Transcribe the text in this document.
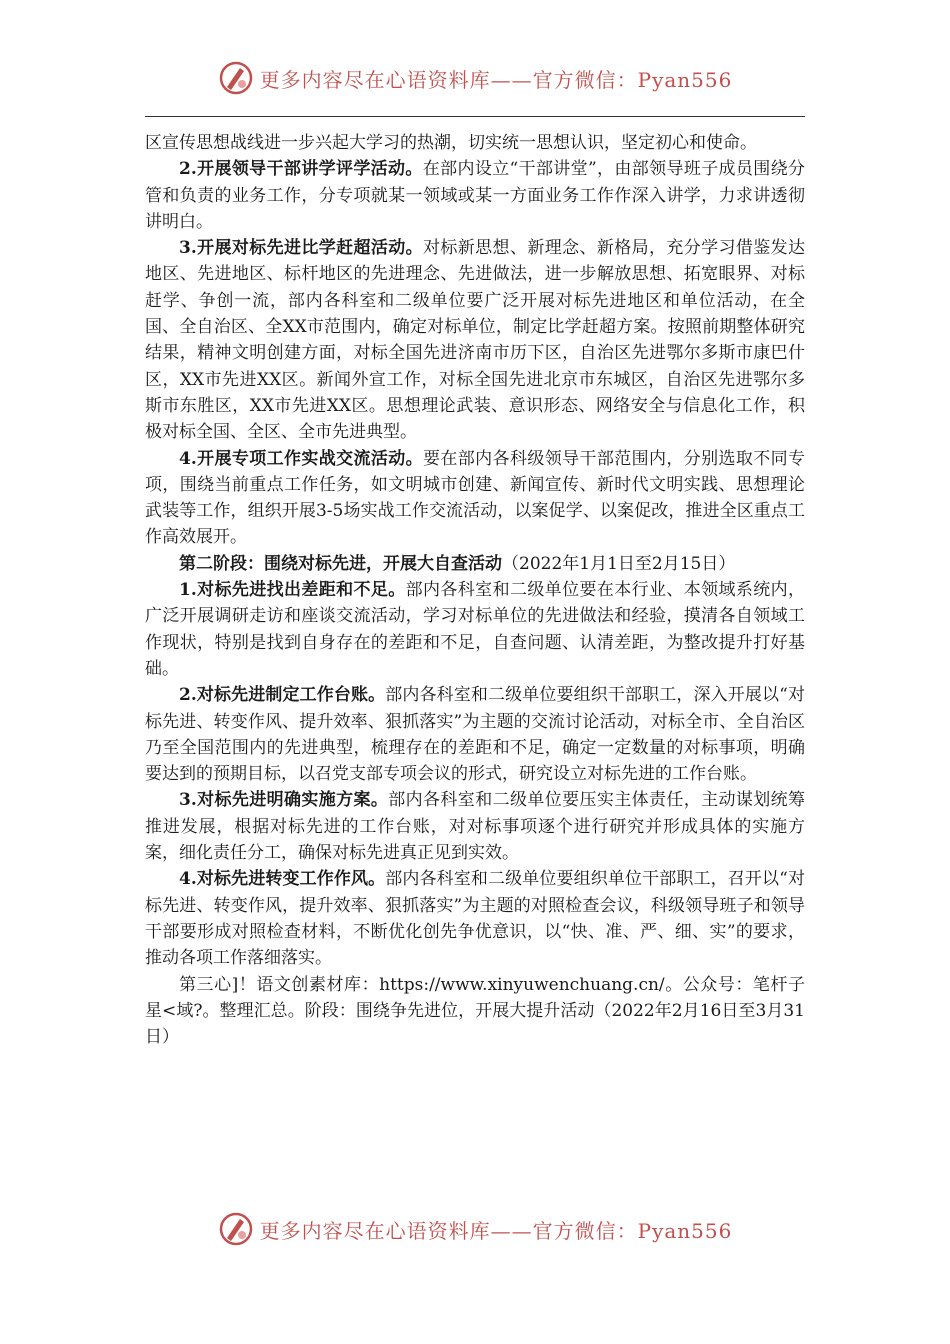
更多内容尽在心语资料库——官方微信：Pyan556

区宣传思想战线进一步兴起大学习的热潮，切实统一思想认识，坚定初心和使命。

2.开展领导干部讲学评学活动。在部内设立“干部讲堂”，由部领导班子成员围绕分管和负责的业务工作，分专项就某一领域或某一方面业务工作作深入讲学，力求讲透彻讲明白。

3.开展对标先进比学赶超活动。对标新思想、新理念、新格局，充分学习借鉴发达地区、先进地区、标杆地区的先进理念、先进做法，进一步解放思想、拓宽眼界、对标赶学、争创一流，部内各科室和二级单位要广泛开展对标先进地区和单位活动，在全国、全自治区、全XX市范围内，确定对标单位，制定比学赶超方案。按照前期整体研究结果，精神文明创建方面，对标全国先进济南市历下区，自治区先进鄂尔多斯市康巴什区，XX市先进XX区。新闻外宣工作，对标全国先进北京市东城区，自治区先进鄂尔多斯市东胜区，XX市先进XX区。思想理论武装、意识形态、网络安全与信息化工作，积极对标全国、全区、全市先进典型。

4.开展专项工作实战交流活动。要在部内各科级领导干部范围内，分别选取不同专项，围绕当前重点工作任务，如文明城市创建、新闻宣传、新时代文明实践、思想理论武装等工作，组织开展3-5场实战工作交流活动，以案促学、以案促改，推进全区重点工作高效展开。

第二阶段：围绕对标先进，开展大自查活动（2022年1月1日至2月15日）

1.对标先进找出差距和不足。部内各科室和二级单位要在本行业、本领域系统内，广泛开展调研走访和座谈交流活动，学习对标单位的先进做法和经验，摸清各自领域工作现状，特别是找到自身存在的差距和不足，自查问题、认清差距，为整改提升打好基础。

2.对标先进制定工作台账。部内各科室和二级单位要组织干部职工，深入开展以“对标先进、转变作风、提升效率、狠抓落实”为主题的交流讨论活动，对标全市、全自治区乃至全国范围内的先进典型，梳理存在的差距和不足，确定一定数量的对标事项，明确要达到的预期目标，以召党支部专项会议的形式，研究设立对标先进的工作台账。

3.对标先进明确实施方案。部内各科室和二级单位要压实主体责任，主动谋划统筹推进发展，根据对标先进的工作台账，对对标事项逐个进行研究并形成具体的实施方案，细化责任分工，确保对标先进真正见到实效。

4.对标先进转变工作作风。部内各科室和二级单位要组织单位干部职工，召开以“对标先进、转变作风，提升效率、狠抓落实”为主题的对照检查会议，科级领导班子和领导干部要形成对照检查材料，不断优化创先争优意识，以“快、准、严、细、实”的要求，推动各项工作落细落实。

第三心]！语文创素材库：https://www.xinyuwenchuang.cn/。公众号：笔杆子星<域?。整理汇总。阶段：围绕争先进位，开展大提升活动（2022年2月16日至3月31日）

更多内容尽在心语资料库——官方微信：Pyan556
